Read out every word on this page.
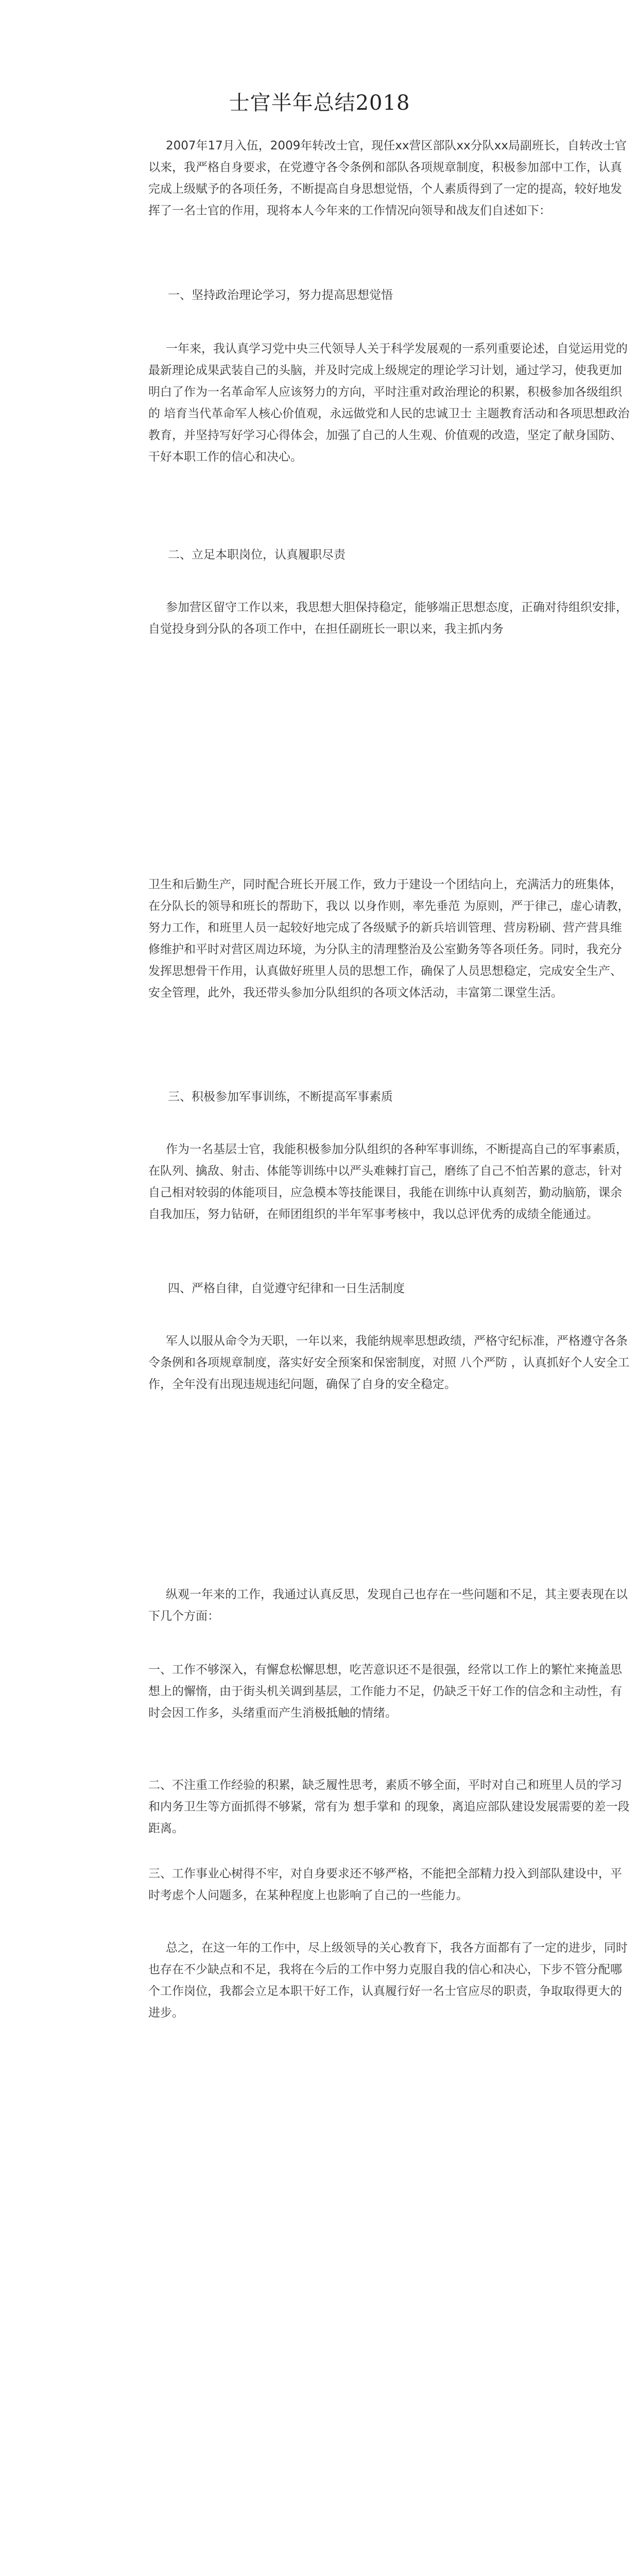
士官半年总结2018

2007年17月入伍，2009年转改士官，现任xx营区部队xx分队xx局副班长，自转改士官以来，我严格自身要求，在党遵守各令条例和部队各项规章制度，积极参加部中工作，认真完成上级赋予的各项任务，不断提高自身思想觉悟，个人素质得到了一定的提高，较好地发挥了一名士官的作用，现将本人今年来的工作情况向领导和战友们自述如下：

一、坚持政治理论学习，努力提高思想觉悟

一年来，我认真学习党中央三代领导人关于科学发展观的一系列重要论述，自觉运用党的最新理论成果武装自己的头脑，并及时完成上级规定的理论学习计划，通过学习，使我更加明白了作为一名革命军人应该努力的方向，平时注重对政治理论的积累，积极参加各级组织的 培育当代革命军人核心价值观，永远做党和人民的忠诚卫士 主题教育活动和各项思想政治教育，并坚持写好学习心得体会，加强了自己的人生观、价值观的改造，坚定了献身国防、干好本职工作的信心和决心。

二、立足本职岗位，认真履职尽责

参加营区留守工作以来，我思想大胆保持稳定，能够端正思想态度，正确对待组织安排，自觉投身到分队的各项工作中，在担任副班长一职以来，我主抓内务

卫生和后勤生产，同时配合班长开展工作，致力于建设一个团结向上，充满活力的班集体，在分队长的领导和班长的帮助下，我以 以身作则，率先垂范 为原则，严于律己，虚心请教，努力工作，和班里人员一起较好地完成了各级赋予的新兵培训管理、营房粉刷、营产营具维修维护和平时对营区周边环境，为分队主的清理整治及公室勤务等各项任务。同时，我充分发挥思想骨干作用，认真做好班里人员的思想工作，确保了人员思想稳定，完成安全生产、安全管理，此外，我还带头参加分队组织的各项文体活动，丰富第二课堂生活。

三、积极参加军事训练，不断提高军事素质

作为一名基层士官，我能积极参加分队组织的各种军事训练，不断提高自己的军事素质，在队列、擒敌、射击、体能等训练中以严头难棘打盲己，磨练了自己不怕苦累的意志，针对自己相对较弱的体能项目，应急模本等技能课目，我能在训练中认真刻苦，勤动脑筋，课余自我加压，努力钻研，在师团组织的半年军事考核中，我以总评优秀的成绩全能通过。

四、严格自律，自觉遵守纪律和一日生活制度

军人以服从命令为天职，一年以来，我能纳规率思想政绩，严格守纪标准，严格遵守各条令条例和各项规章制度，落实好安全预案和保密制度，对照 八个严防 ，认真抓好个人安全工作，全年没有出现违规违纪问题，确保了自身的安全稳定。

纵观一年来的工作，我通过认真反思，发现自己也存在一些问题和不足，其主要表现在以下几个方面：

一、工作不够深入，有懈怠松懈思想，吃苦意识还不是很强，经常以工作上的繁忙来掩盖思想上的懈惰，由于街头机关调到基层，工作能力不足，仍缺乏干好工作的信念和主动性，有时会因工作多，头绪重而产生消极抵触的情绪。

二、不注重工作经验的积累，缺乏履性思考，素质不够全面，平时对自己和班里人员的学习和内务卫生等方面抓得不够紧，常有为 想手掌和 的现象，离追应部队建设发展需要的差一段距离。

三、工作事业心树得不牢，对自身要求还不够严格，不能把全部精力投入到部队建设中，平时考虑个人问题多，在某种程度上也影响了自己的一些能力。

总之，在这一年的工作中，尽上级领导的关心教育下，我各方面都有了一定的进步，同时也存在不少缺点和不足，我将在今后的工作中努力克服自我的信心和决心，下步不管分配哪个工作岗位，我都会立足本职干好工作，认真履行好一名士官应尽的职责，争取取得更大的进步。
